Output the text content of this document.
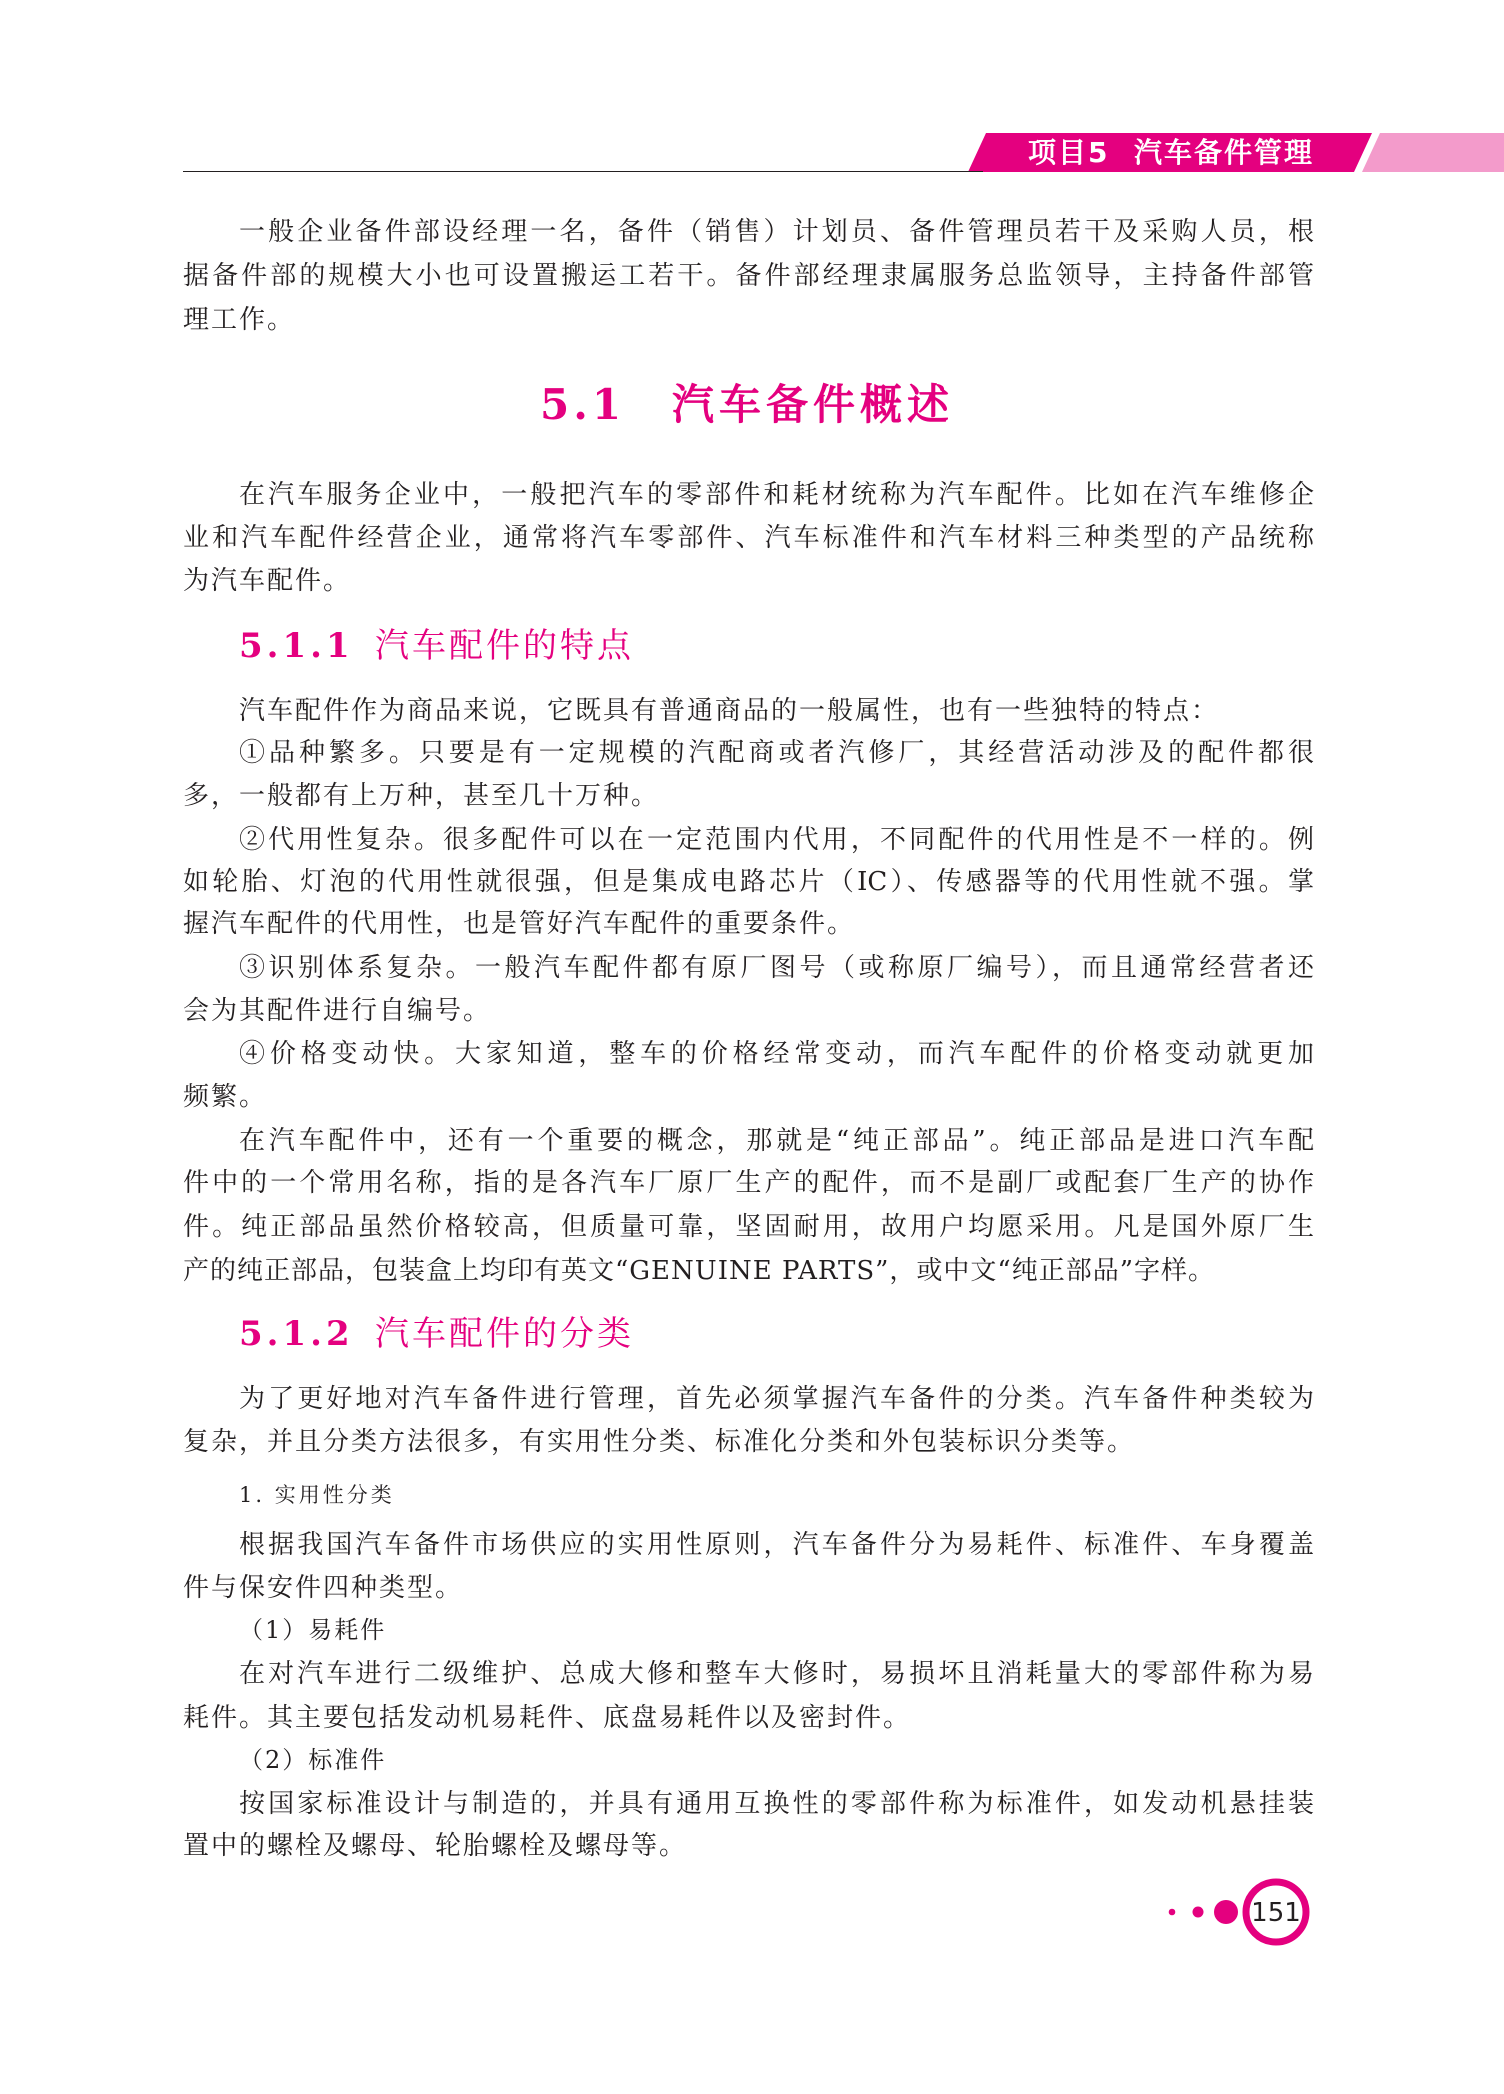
项目5 汽车备件管理
一般企业备件部设经理一名，备件（销售）计划员、备件管理员若干及采购人员，根
据备件部的规模大小也可设置搬运工若干。备件部经理隶属服务总监领导，主持备件部管
理工作。
5.1 汽车备件概述
在汽车服务企业中，一般把汽车的零部件和耗材统称为汽车配件。比如在汽车维修企
业和汽车配件经营企业，通常将汽车零部件、汽车标准件和汽车材料三种类型的产品统称
为汽车配件。
5.1.1 汽车配件的特点
汽车配件作为商品来说，它既具有普通商品的一般属性，也有一些独特的特点：
①品种繁多。只要是有一定规模的汽配商或者汽修厂，其经营活动涉及的配件都很
多，一般都有上万种，甚至几十万种。
②代用性复杂。很多配件可以在一定范围内代用，不同配件的代用性是不一样的。例
如轮胎、灯泡的代用性就很强，但是集成电路芯片（IC）、传感器等的代用性就不强。掌
握汽车配件的代用性，也是管好汽车配件的重要条件。
③识别体系复杂。一般汽车配件都有原厂图号（或称原厂编号），而且通常经营者还
会为其配件进行自编号。
④价格变动快。大家知道，整车的价格经常变动，而汽车配件的价格变动就更加
频繁。
在汽车配件中，还有一个重要的概念，那就是“纯正部品”。纯正部品是进口汽车配
件中的一个常用名称，指的是各汽车厂原厂生产的配件，而不是副厂或配套厂生产的协作
件。纯正部品虽然价格较高，但质量可靠，坚固耐用，故用户均愿采用。凡是国外原厂生
产的纯正部品，包装盒上均印有英文“GENUINE PARTS”，或中文“纯正部品”字样。
5.1.2 汽车配件的分类
为了更好地对汽车备件进行管理，首先必须掌握汽车备件的分类。汽车备件种类较为
复杂，并且分类方法很多，有实用性分类、标准化分类和外包装标识分类等。
1. 实用性分类
根据我国汽车备件市场供应的实用性原则，汽车备件分为易耗件、标准件、车身覆盖
件与保安件四种类型。
（1）易耗件
在对汽车进行二级维护、总成大修和整车大修时，易损坏且消耗量大的零部件称为易
耗件。其主要包括发动机易耗件、底盘易耗件以及密封件。
（2）标准件
按国家标准设计与制造的，并具有通用互换性的零部件称为标准件，如发动机悬挂装
置中的螺栓及螺母、轮胎螺栓及螺母等。
151
